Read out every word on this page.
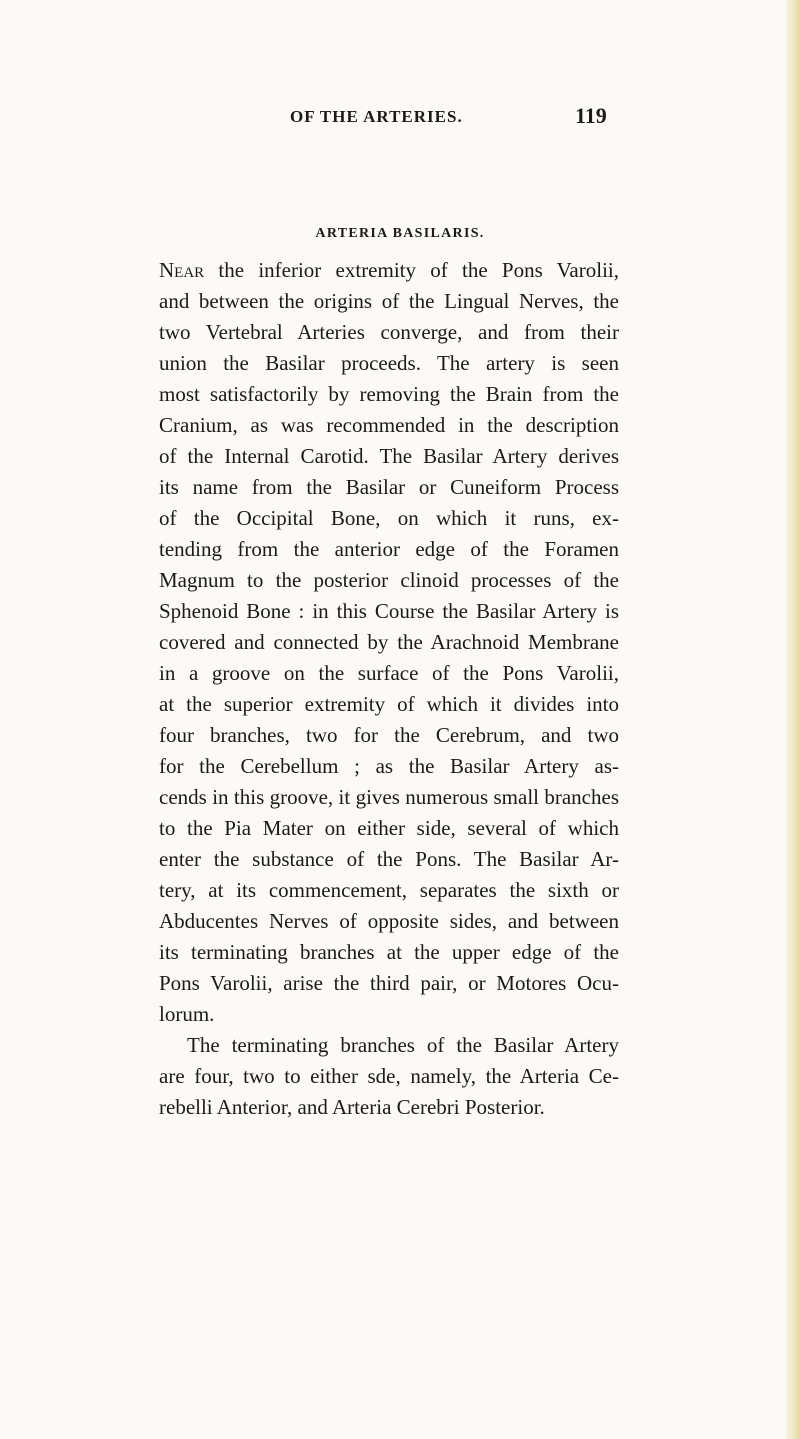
OF THE ARTERIES.	119
ARTERIA BASILARIS.
Near the inferior extremity of the Pons Varolii,
and between the origins of the Lingual Nerves, the
two Vertebral Arteries converge, and from their
union the Basilar proceeds. The artery is seen
most satisfactorily by removing the Brain from the
Cranium, as was recommended in the description
of the Internal Carotid. The Basilar Artery derives
its name from the Basilar or Cuneiform Process
of the Occipital Bone, on which it runs, ex-
tending from the anterior edge of the Foramen
Magnum to the posterior clinoid processes of the
Sphenoid Bone : in this Course the Basilar Artery is
covered and connected by the Arachnoid Membrane
in a groove on the surface of the Pons Varolii,
at the superior extremity of which it divides into
four branches, two for the Cerebrum, and two
for the Cerebellum ; as the Basilar Artery as-
cends in this groove, it gives numerous small branches
to the Pia Mater on either side, several of which
enter the substance of the Pons. The Basilar Ar-
tery, at its commencement, separates the sixth or
Abducentes Nerves of opposite sides, and between
its terminating branches at the upper edge of the
Pons Varolii, arise the third pair, or Motores Ocu-
lorum.
The terminating branches of the Basilar Artery
are four, two to either sde, namely, the Arteria Ce-
rebelli Anterior, and Arteria Cerebri Posterior.
